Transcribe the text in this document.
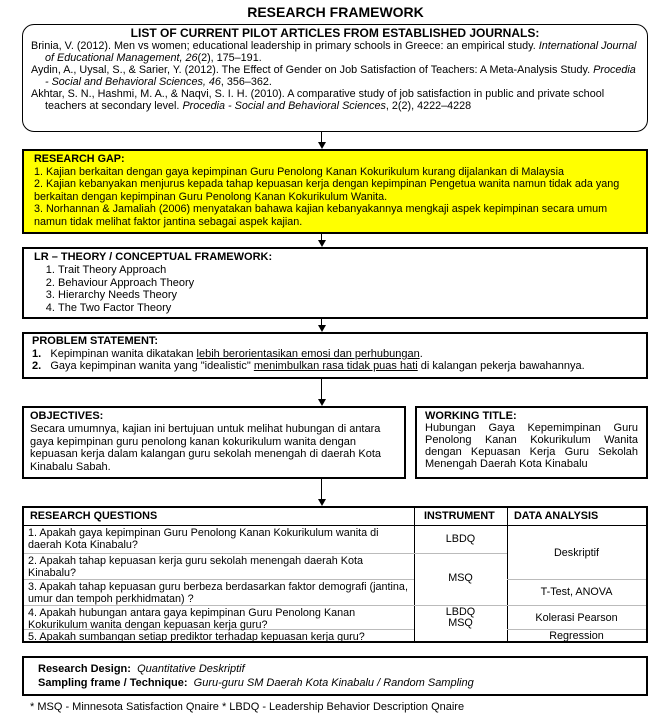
RESEARCH FRAMEWORK
LIST OF CURRENT PILOT ARTICLES FROM ESTABLISHED JOURNALS:
Brinia, V. (2012). Men vs women; educational leadership in primary schools in Greece: an empirical study. International Journal of Educational Management, 26(2), 175–191.
Aydin, A., Uysal, S., & Sarier, Y. (2012). The Effect of Gender on Job Satisfaction of Teachers: A Meta-Analysis Study. Procedia - Social and Behavioral Sciences, 46, 356–362.
Akhtar, S. N., Hashmi, M. A., & Naqvi, S. I. H. (2010). A comparative study of job satisfaction in public and private school teachers at secondary level. Procedia - Social and Behavioral Sciences, 2(2), 4222–4228
RESEARCH GAP:
1. Kajian berkaitan dengan gaya kepimpinan Guru Penolong Kanan Kokurikulum kurang dijalankan di Malaysia
2. Kajian kebanyakan menjurus kepada tahap kepuasan kerja dengan kepimpinan Pengetua wanita namun tidak ada yang berkaitan dengan kepimpinan Guru Penolong Kanan Kokurikulum Wanita.
3. Norhannan & Jamaliah (2006) menyatakan bahawa kajian kebanyakannya mengkaji aspek kepimpinan secara umum namun tidak melihat faktor jantina sebagai aspek kajian.
LR – THEORY / CONCEPTUAL FRAMEWORK:
1. Trait Theory Approach
2. Behaviour Approach Theory
3. Hierarchy Needs Theory
4. The Two Factor Theory
PROBLEM STATEMENT:
1. Kepimpinan wanita dikatakan lebih berorientasikan emosi dan perhubungan.
2. Gaya kepimpinan wanita yang "idealistic" menimbulkan rasa tidak puas hati di kalangan pekerja bawahannya.
OBJECTIVES:
Secara umumnya, kajian ini bertujuan untuk melihat hubungan di antara gaya kepimpinan guru penolong kanan kokurikulum wanita dengan kepuasan kerja dalam kalangan guru sekolah menengah di daerah Kota Kinabalu Sabah.
WORKING TITLE:
Hubungan Gaya Kepemimpinan Guru Penolong Kanan Kokurikulum Wanita dengan Kepuasan Kerja Guru Sekolah Menengah Daerah Kota Kinabalu
RESEARCH QUESTIONS	INSTRUMENT DATA ANALYSIS
1. Apakah gaya kepimpinan Guru Penolong Kanan Kokurikulum wanita di daerah Kota Kinabalu?
2. Apakah tahap kepuasan kerja guru sekolah menengah daerah Kota Kinabalu?
3. Apakah tahap kepuasan guru berbeza berdasarkan faktor demografi (jantina, umur dan tempoh perkhidmatan) ?
4. Apakah hubungan antara gaya kepimpinan Guru Penolong Kanan Kokurikulum wanita dengan kepuasan kerja guru?
5. Apakah sumbangan setiap prediktor terhadap kepuasan kerja guru?
LBDQ
MSQ
LBDQ
MSQ
Deskriptif
T-Test, ANOVA
Kolerasi Pearson
Regression
Research Design: Quantitative Deskriptif
Sampling frame / Technique: Guru-guru SM Daerah Kota Kinabalu / Random Sampling
* MSQ - Minnesota Satisfaction Qnaire * LBDQ - Leadership Behavior Description Qnaire
